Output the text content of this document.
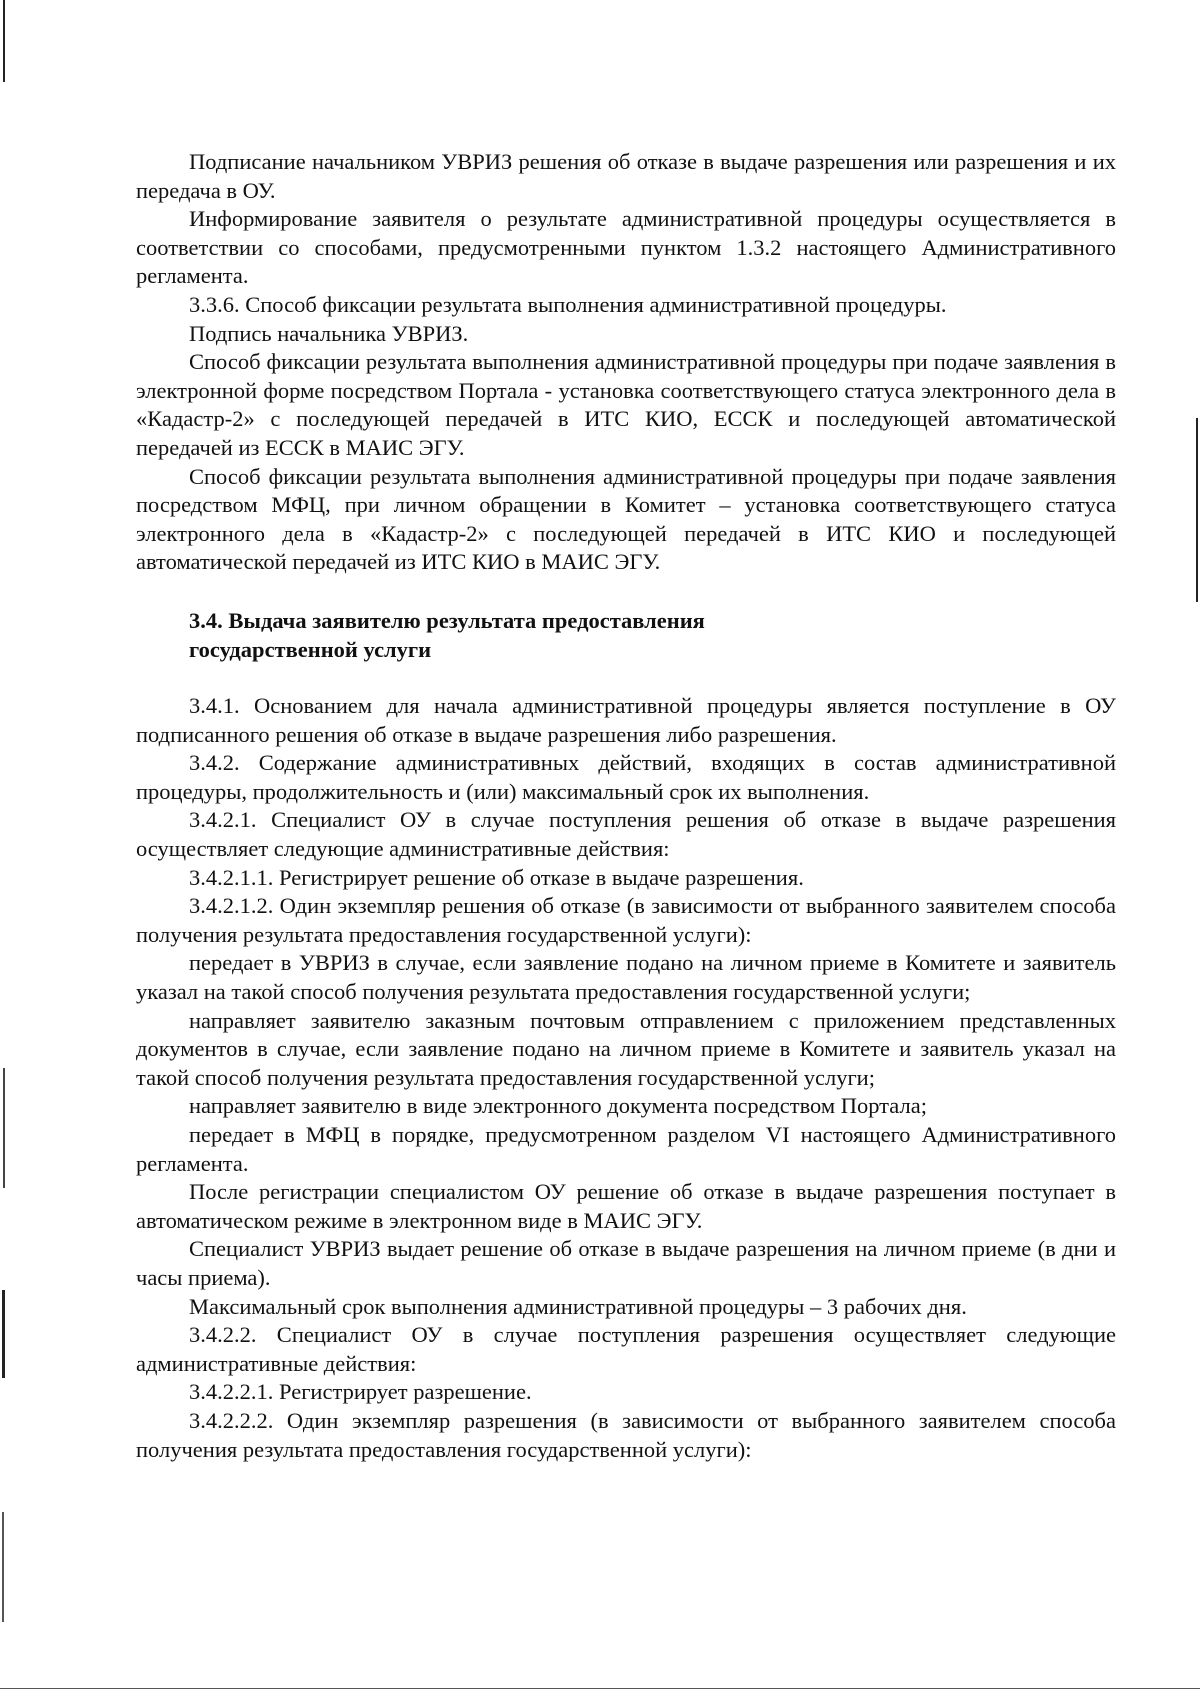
Подписание начальником УВРИЗ решения об отказе в выдаче разрешения или разрешения и их передача в ОУ.

Информирование заявителя о результате административной процедуры осуществляется в соответствии со способами, предусмотренными пунктом 1.3.2 настоящего Административного регламента.

3.3.6. Способ фиксации результата выполнения административной процедуры.

Подпись начальника УВРИЗ.

Способ фиксации результата выполнения административной процедуры при подаче заявления в электронной форме посредством Портала - установка соответствующего статуса электронного дела в «Кадастр-2» с последующей передачей в ИТС КИО, ЕССК и последующей автоматической передачей из ЕССК в МАИС ЭГУ.

Способ фиксации результата выполнения административной процедуры при подаче заявления посредством МФЦ, при личном обращении в Комитет – установка соответствующего статуса электронного дела в «Кадастр-2» с последующей передачей в ИТС КИО и последующей автоматической передачей из ИТС КИО в МАИС ЭГУ.

3.4. Выдача заявителю результата предоставления

государственной услуги

3.4.1. Основанием для начала административной процедуры является поступление в ОУ подписанного решения об отказе в выдаче разрешения либо разрешения.

3.4.2. Содержание административных действий, входящих в состав административной процедуры, продолжительность и (или) максимальный срок их выполнения.

3.4.2.1. Специалист ОУ в случае поступления решения об отказе в выдаче разрешения осуществляет следующие административные действия:

3.4.2.1.1. Регистрирует решение об отказе в выдаче разрешения.

3.4.2.1.2. Один экземпляр решения об отказе (в зависимости от выбранного заявителем способа получения результата предоставления государственной услуги):

передает в УВРИЗ в случае, если заявление подано на личном приеме в Комитете и заявитель указал на такой способ получения результата предоставления государственной услуги;

направляет заявителю заказным почтовым отправлением с приложением представленных документов в случае, если заявление подано на личном приеме в Комитете и заявитель указал на такой способ получения результата предоставления государственной услуги;

направляет заявителю в виде электронного документа посредством Портала;

передает в МФЦ в порядке, предусмотренном разделом VI настоящего Административного регламента.

После регистрации специалистом ОУ решение об отказе в выдаче разрешения поступает в автоматическом режиме в электронном виде в МАИС ЭГУ.

Специалист УВРИЗ выдает решение об отказе в выдаче разрешения на личном приеме (в дни и часы приема).

Максимальный срок выполнения административной процедуры – 3 рабочих дня.

3.4.2.2. Специалист ОУ в случае поступления разрешения осуществляет следующие административные действия:

3.4.2.2.1. Регистрирует разрешение.

3.4.2.2.2. Один экземпляр разрешения (в зависимости от выбранного заявителем способа получения результата предоставления государственной услуги):
